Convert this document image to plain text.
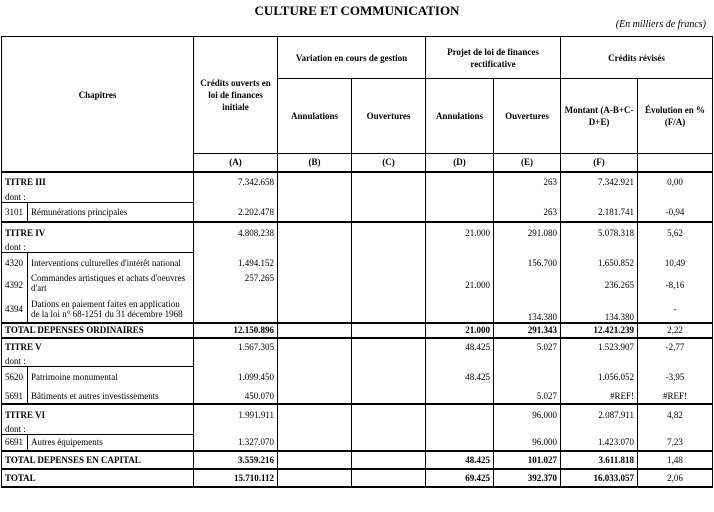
CULTURE ET COMMUNICATION
(En milliers de francs)
Chapitres		Crédits ouverts en loi de finances initiale	Variation en cours de gestion		Projet de loi de finances rectificative		Crédits révisés	
			Annulations	Ouvertures	Annulations	Ouvertures	Montant (A-B+C-D+E)	Évolution en % (F/A)
		(A)	(B)	(C)	(D)	(E)	(F)	
TITRE III		7.342.658				263	7.342.921	0,00
dont :								
3101	Rémunérations principales	2.202.478				263	2.181.741	-0,94
TITRE IV		4.808.238			21.000	291.080	5.078.318	5,62
dont :								
4320	Interventions culturelles d'intérêt national	1.494.152				156.700	1.650.852	10,49
4392	Commandes artistiques et achats d'oeuvres d'art	257.265			21.000		236.265	-8,16
4394	Dations en paiement faites en application de la loi n° 68-1251 du 31 décembre 1968					134.380	134.380	-
TOTAL DEPENSES ORDINAIRES		12.150.896			21.000	291.343	12.421.239	2,22
TITRE V		1.567.305			48.425	5.027	1.523.907	-2,77
dont :								
5620	Patrimoine monumental	1.099.450			48.425		1.056.052	-3,95
5691	Bâtiments et autres investissements	450.070				5.027	#REF!	#REF!
TITRE VI		1.991.911				96.000	2.087.911	4,82
dont :								
6691	Autres équipements	1.327.070				96.000	1.423.070	7,23
TOTAL DEPENSES EN CAPITAL		3.559.216			48.425	101.027	3.611.818	1,48
TOTAL		15.710.112			69.425	392.370	16.033.057	2,06
